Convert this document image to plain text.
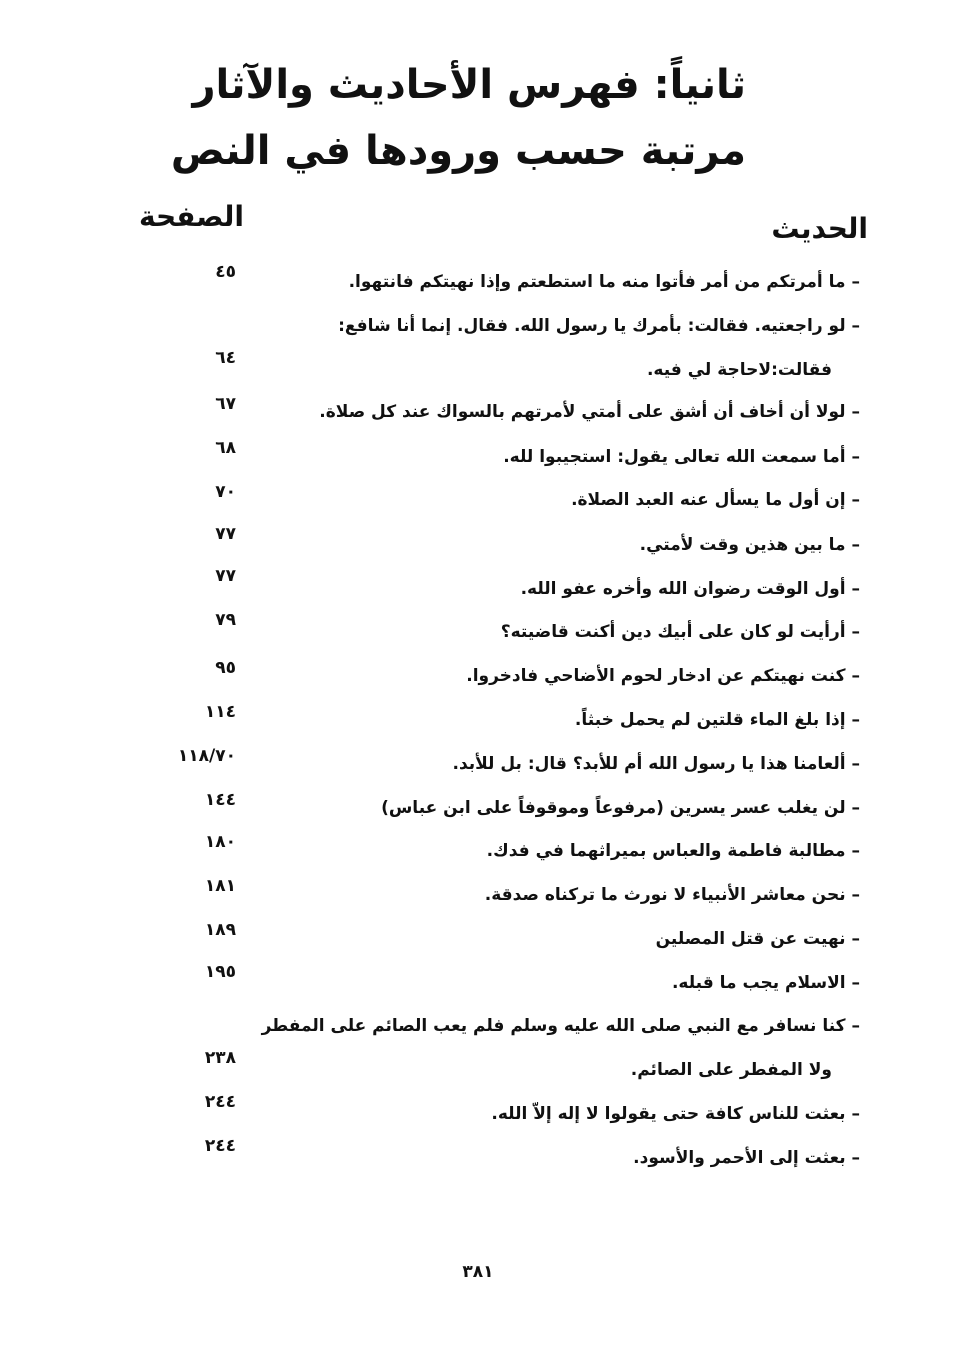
ثانياً: فهرس الأحاديث والآثار
مرتبة حسب ورودها في النص
الحديث
الصفحة
– ما أمرتكم من أمر فأتوا منه ما استطعتم وإذا نهيتكم فانتهوا.
٤٥
– لو راجعتيه. فقالت: بأمرك يا رسول الله. فقال. إنما أنا شافع:
فقالت:لاحاجة لي فيه.
٦٤
– لولا أن أخاف أن أشق على أمتي لأمرتهم بالسواك عند كل صلاة.
٦٧
– أما سمعت الله تعالى يقول: استجيبوا لله.
٦٨
– إن أول ما يسأل عنه العبد الصلاة.
٧٠
– ما بين هذين وقت لأمتي.
٧٧
– أول الوقت رضوان الله وأخره عفو الله.
٧٧
– أرأيت لو كان على أبيك دين أكنت قاضيته؟
٧٩
– كنت نهيتكم عن ادخار لحوم الأضاحي فادخروا.
٩٥
– إذا بلغ الماء قلتين لم يحمل خبثاً.
١١٤
– ألعامنا هذا يا رسول الله أم للأبد؟ قال: بل للأبد.
١١٨/٧٠
– لن يغلب عسر يسرين (مرفوعاً وموقوفاً على ابن عباس)
١٤٤
– مطالبة فاطمة والعباس بميراثهما في فدك.
١٨٠
– نحن معاشر الأنبياء لا نورث ما تركناه صدقة.
١٨١
– نهيت عن قتل المصلين
١٨٩
– الاسلام يجب ما قبله.
١٩٥
– كنا نسافر مع النبي صلى الله عليه وسلم فلم يعب الصائم على المفطر
ولا المفطر على الصائم.
٢٣٨
– بعثت للناس كافة حتى يقولوا لا إله إلاّ الله.
٢٤٤
– بعثت إلى الأحمر والأسود.
٢٤٤
٣٨١
